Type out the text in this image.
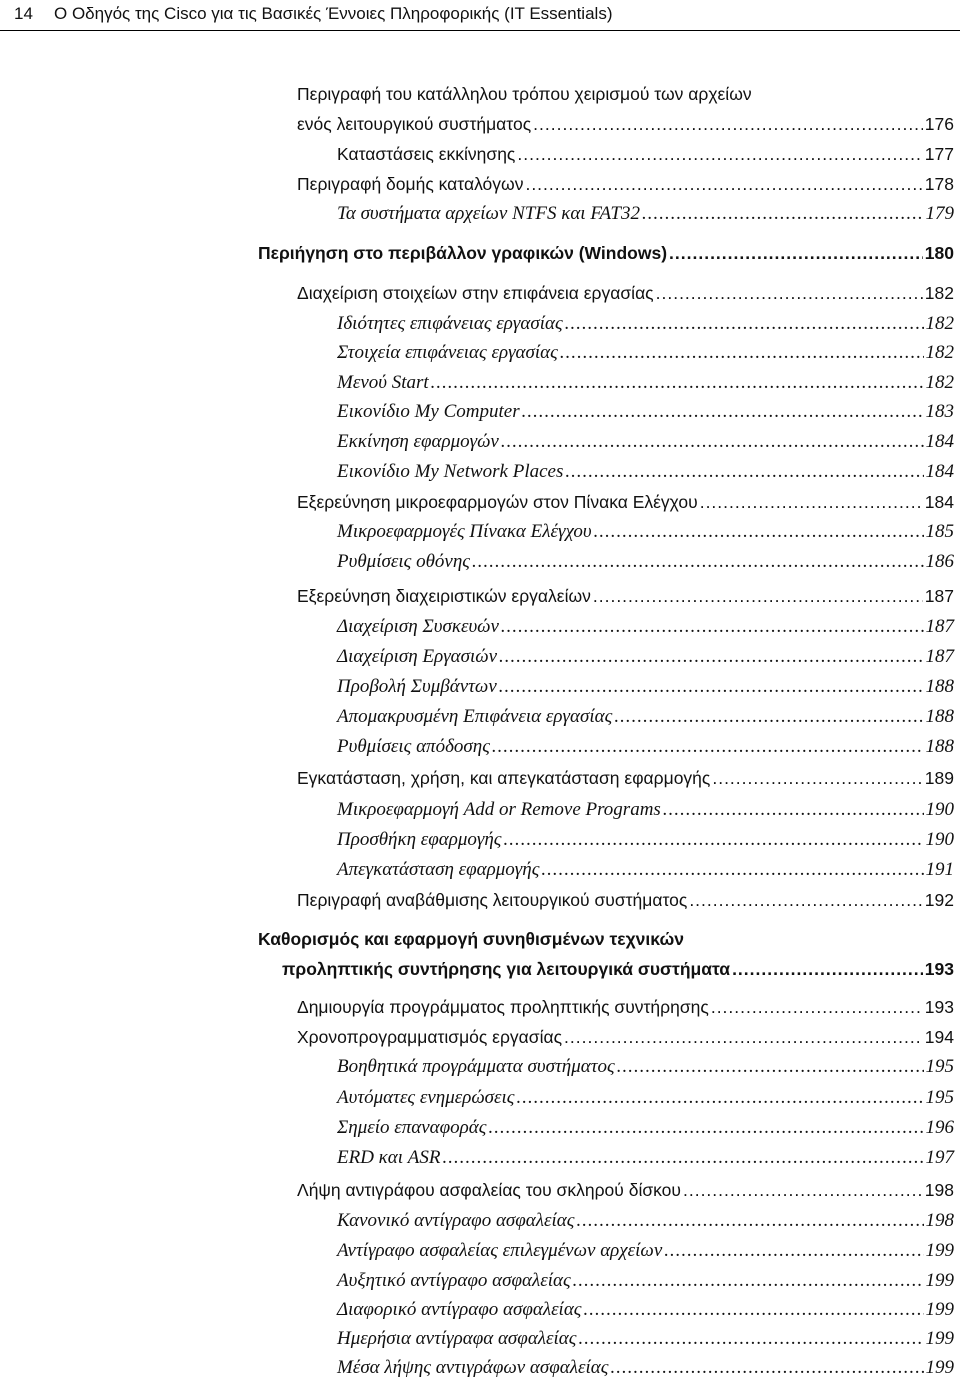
14 Ο Οδηγός της Cisco για τις Βασικές Έννοιες Πληροφορικής (IT Essentials)
Περιγραφή του κατάλληλου τρόπου χειρισμού των αρχείων
ενός λειτουργικού συστήματος .....	176
Καταστάσεις εκκίνησης .....	177
Περιγραφή δομής καταλόγων .....	178
Τα συστήματα αρχείων NTFS και FAT32 .....	179
Περιήγηση στο περιβάλλον γραφικών (Windows) .....	180
Διαχείριση στοιχείων στην επιφάνεια εργασίας .....	182
Ιδιότητες επιφάνειας εργασίας .....	182
Στοιχεία επιφάνειας εργασίας .....	182
Μενού Start .....	182
Εικονίδιο My Computer .....	183
Εκκίνηση εφαρμογών .....	184
Εικονίδιο My Network Places .....	184
Εξερεύνηση μικροεφαρμογών στον Πίνακα Ελέγχου .....	184
Μικροεφαρμογές Πίνακα Ελέγχου .....	185
Ρυθμίσεις οθόνης .....	186
Εξερεύνηση διαχειριστικών εργαλείων .....	187
Διαχείριση Συσκευών .....	187
Διαχείριση Εργασιών .....	187
Προβολή Συμβάντων .....	188
Απομακρυσμένη Επιφάνεια εργασίας .....	188
Ρυθμίσεις απόδοσης .....	188
Εγκατάσταση, χρήση, και απεγκατάσταση εφαρμογής .....	189
Μικροεφαρμογή Add or Remove Programs .....	190
Προσθήκη εφαρμογής .....	190
Απεγκατάσταση εφαρμογής .....	191
Περιγραφή αναβάθμισης λειτουργικού συστήματος .....	192
Καθορισμός και εφαρμογή συνηθισμένων τεχνικών
προληπτικής συντήρησης για λειτουργικά συστήματα .....	193
Δημιουργία προγράμματος προληπτικής συντήρησης .....	193
Χρονοπρογραμματισμός εργασίας .....	194
Βοηθητικά προγράμματα συστήματος .....	195
Αυτόματες ενημερώσεις .....	195
Σημείο επαναφοράς .....	196
ERD και ASR .....	197
Λήψη αντιγράφου ασφαλείας του σκληρού δίσκου .....	198
Κανονικό αντίγραφο ασφαλείας .....	198
Αντίγραφο ασφαλείας επιλεγμένων αρχείων .....	199
Αυξητικό αντίγραφο ασφαλείας .....	199
Διαφορικό αντίγραφο ασφαλείας .....	199
Ημερήσια αντίγραφα ασφαλείας .....	199
Μέσα λήψης αντιγράφων ασφαλείας .....	199
